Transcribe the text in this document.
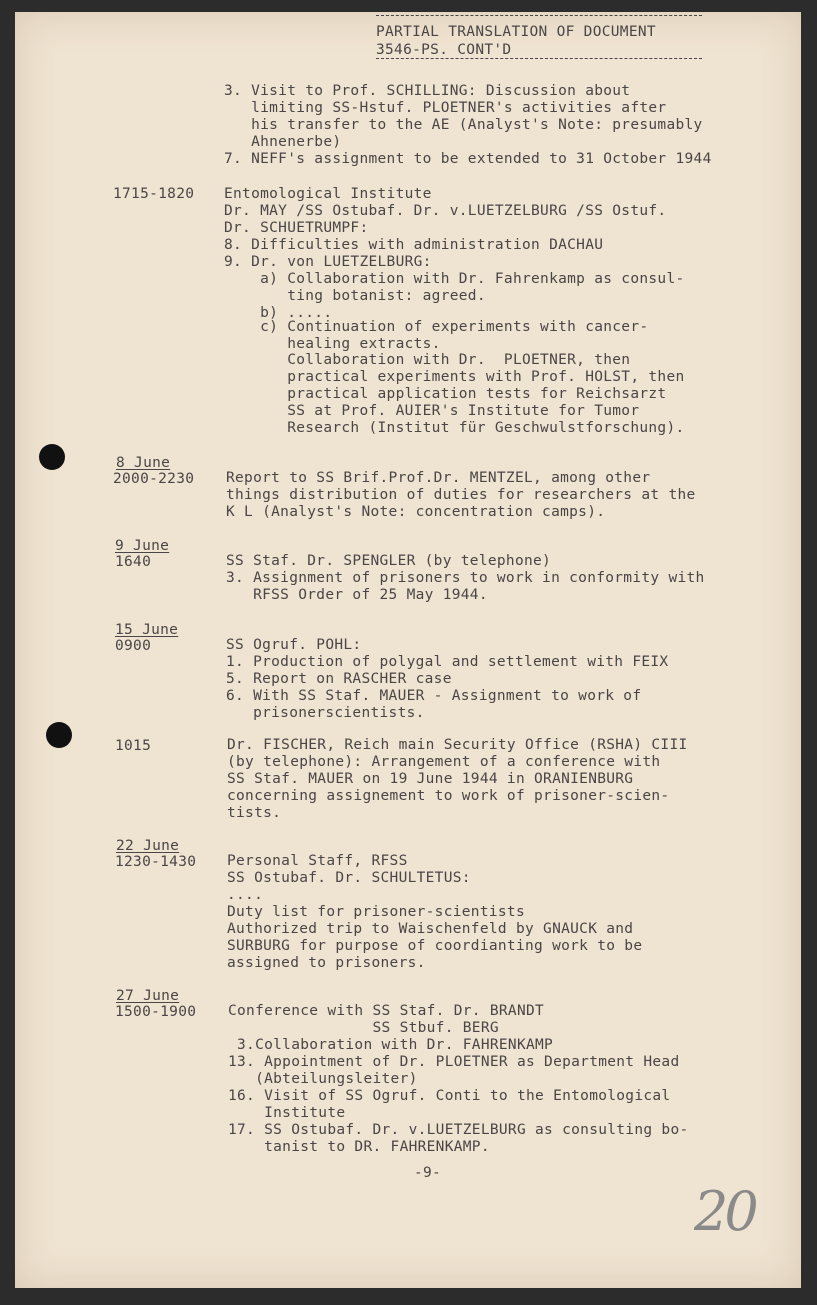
PARTIAL TRANSLATION OF DOCUMENT
3546-PS. CONT'D
3. Visit to Prof. SCHILLING: Discussion about
limiting SS-Hstuf. PLOETNER's activities after
his transfer to the AE (Analyst's Note: presumably
Ahnenerbe)
7. NEFF's assignment to be extended to 31 October 1944
1715-1820 Entomological Institute
Dr. MAY /SS Ostubaf. Dr. v.LUETZELBURG /SS Ostuf.
Dr. SCHUETRUMPF:
8. Difficulties with administration DACHAU
9. Dr. von LUETZELBURG:
a) Collaboration with Dr. Fahrenkamp as consul-
ting botanist: agreed.
b) .....
c) Continuation of experiments with cancer-
healing extracts.
Collaboration with Dr.  PLOETNER, then
practical experiments with Prof. HOLST, then
practical application tests for Reichsarzt
SS at Prof. AUIER's Institute for Tumor
Research (Institut für Geschwulstforschung).
8 June
2000-2230 Report to SS Brif.Prof.Dr. MENTZEL, among other
things distribution of duties for researchers at the
K L (Analyst's Note: concentration camps).
9 June
1640	SS Staf. Dr. SPENGLER (by telephone)
3. Assignment of prisoners to work in conformity with
RFSS Order of 25 May 1944.
15 June
0900	SS Ogruf. POHL:
1. Production of polygal and settlement with FEIX
5. Report on RASCHER case
6. With SS Staf. MAUER - Assignment to work of
prisonerscientists.
1015	Dr. FISCHER, Reich main Security Office (RSHA) CIII
(by telephone): Arrangement of a conference with
SS Staf. MAUER on 19 June 1944 in ORANIENBURG
concerning assignement to work of prisoner-scien-
tists.
22 June
1230-1430 Personal Staff, RFSS
SS Ostubaf. Dr. SCHULTETUS:
....
Duty list for prisoner-scientists
Authorized trip to Waischenfeld by GNAUCK and
SURBURG for purpose of coordianting work to be
assigned to prisoners.
27 June
1500-1900 Conference with SS Staf. Dr. BRANDT
SS Stbuf. BERG
3.Collaboration with Dr. FAHRENKAMP
13. Appointment of Dr. PLOETNER as Department Head
(Abteilungsleiter)
16. Visit of SS Ogruf. Conti to the Entomological
Institute
17. SS Ostubaf. Dr. v.LUETZELBURG as consulting bo-
tanist to DR. FAHRENKAMP.
-9-
20
